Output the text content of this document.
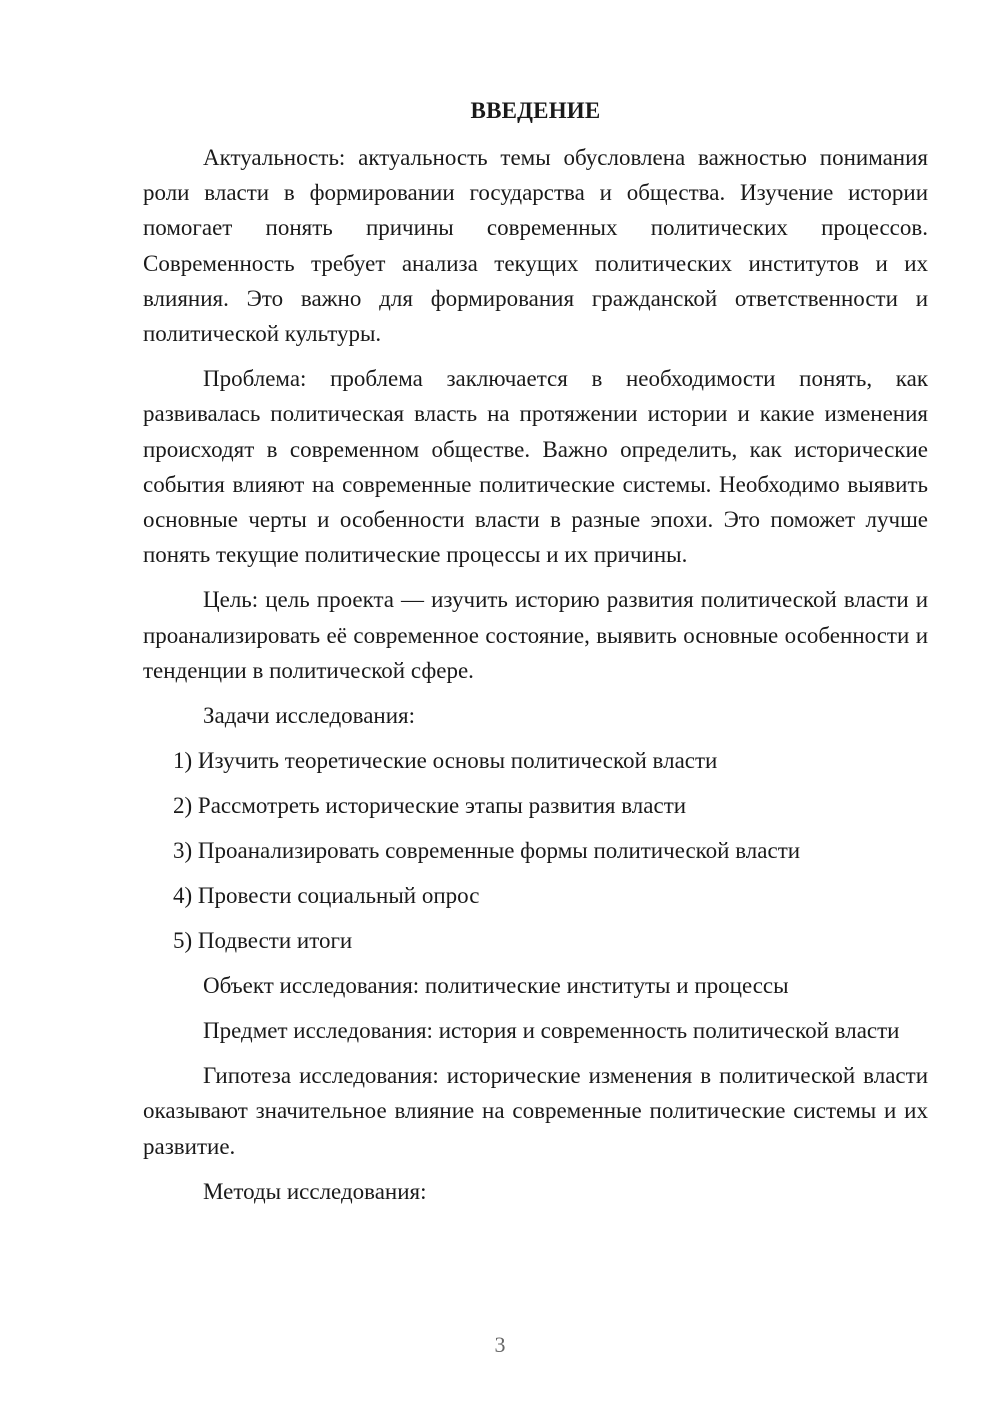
ВВЕДЕНИЕ

Актуальность: актуальность темы обусловлена важностью понимания роли власти в формировании государства и общества. Изучение истории помогает понять причины современных политических процессов. Современность требует анализа текущих политических институтов и их влияния. Это важно для формирования гражданской ответственности и политической культуры.

Проблема: проблема заключается в необходимости понять, как развивалась политическая власть на протяжении истории и какие изменения происходят в современном обществе. Важно определить, как исторические события влияют на современные политические системы. Необходимо выявить основные черты и особенности власти в разные эпохи. Это поможет лучше понять текущие политические процессы и их причины.

Цель: цель проекта — изучить историю развития политической власти и проанализировать её современное состояние, выявить основные особенности и тенденции в политической сфере.

Задачи исследования:

1) Изучить теоретические основы политической власти

2) Рассмотреть исторические этапы развития власти

3) Проанализировать современные формы политической власти

4) Провести социальный опрос

5) Подвести итоги

Объект исследования: политические институты и процессы

Предмет исследования: история и современность политической власти

Гипотеза исследования: исторические изменения в политической власти оказывают значительное влияние на современные политические системы и их развитие.

Методы исследования:

3
